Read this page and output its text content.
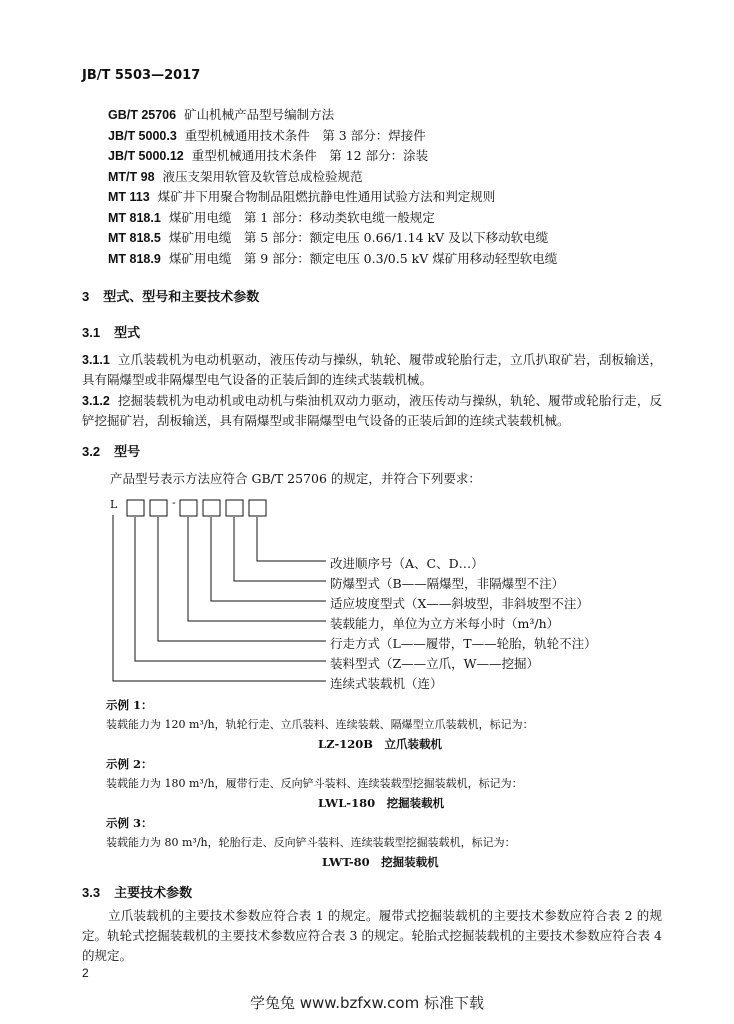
JB/T 5503—2017
GB/T 25706 矿山机械产品型号编制方法
JB/T 5000.3 重型机械通用技术条件　第 3 部分：焊接件
JB/T 5000.12 重型机械通用技术条件　第 12 部分：涂装
MT/T 98 液压支架用软管及软管总成检验规范
MT 113 煤矿井下用聚合物制品阻燃抗静电性通用试验方法和判定规则
MT 818.1 煤矿用电缆　第 1 部分：移动类软电缆一般规定
MT 818.5 煤矿用电缆　第 5 部分：额定电压 0.66/1.14 kV 及以下移动软电缆
MT 818.9 煤矿用电缆　第 9 部分：额定电压 0.3/0.5 kV 煤矿用移动轻型软电缆
3 型式、型号和主要技术参数
3.1 型式
3.1.1 立爪装载机为电动机驱动，液压传动与操纵，轨轮、履带或轮胎行走，立爪扒取矿岩，刮板输送，具有隔爆型或非隔爆型电气设备的正装后卸的连续式装载机械。
3.1.2 挖掘装载机为电动机或电动机与柴油机双动力驱动，液压传动与操纵，轨轮、履带或轮胎行走，反铲挖掘矿岩，刮板输送，具有隔爆型或非隔爆型电气设备的正装后卸的连续式装载机械。
3.2 型号
产品型号表示方法应符合 GB/T 25706 的规定，并符合下列要求：
L	-
改进顺序号（A、C、D…）
防爆型式（B——隔爆型，非隔爆型不注）
适应坡度型式（X——斜坡型，非斜坡型不注）
装载能力，单位为立方米每小时（m³/h）
行走方式（L——履带，T——轮胎，轨轮不注）
装料型式（Z——立爪，W——挖掘）
连续式装载机（连）
示例 1：
装载能力为 120 m³/h，轨轮行走、立爪装料、连续装载、隔爆型立爪装载机，标记为：
LZ-120B　立爪装载机
示例 2：
装载能力为 180 m³/h，履带行走、反向铲斗装料、连续装载型挖掘装载机，标记为：
LWL-180　挖掘装载机
示例 3：
装载能力为 80 m³/h，轮胎行走、反向铲斗装料、连续装载型挖掘装载机，标记为：
LWT-80　挖掘装载机
3.3 主要技术参数
立爪装载机的主要技术参数应符合表 1 的规定。履带式挖掘装载机的主要技术参数应符合表 2 的规定。轨轮式挖掘装载机的主要技术参数应符合表 3 的规定。轮胎式挖掘装载机的主要技术参数应符合表 4 的规定。
2
学兔兔 www.bzfxw.com 标准下载
